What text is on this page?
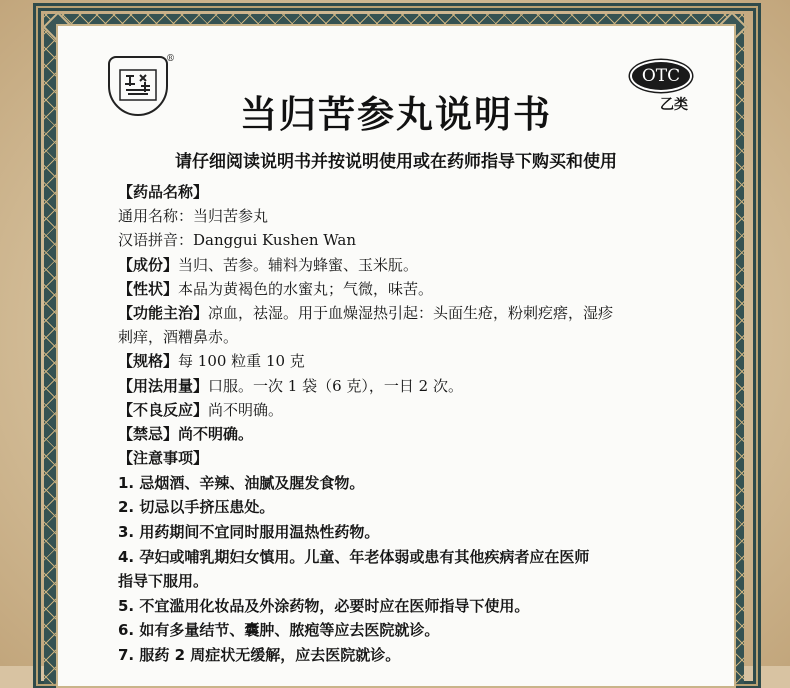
®
OTC
乙类
当归苦参丸说明书
请仔细阅读说明书并按说明使用或在药师指导下购买和使用
【药品名称】
通用名称：当归苦参丸
汉语拼音：Danggui Kushen Wan
【成份】当归、苦参。辅料为蜂蜜、玉米朊。
【性状】本品为黄褐色的水蜜丸；气微，味苦。
【功能主治】凉血，祛湿。用于血燥湿热引起：头面生疮，粉刺疙瘩，湿疹
刺痒，酒糟鼻赤。
【规格】每 100 粒重 10 克
【用法用量】口服。一次 1 袋（6 克），一日 2 次。
【不良反应】尚不明确。
【禁忌】尚不明确。
【注意事项】
1. 忌烟酒、辛辣、油腻及腥发食物。
2. 切忌以手挤压患处。
3. 用药期间不宜同时服用温热性药物。
4. 孕妇或哺乳期妇女慎用。儿童、年老体弱或患有其他疾病者应在医师
指导下服用。
5. 不宜滥用化妆品及外涂药物，必要时应在医师指导下使用。
6. 如有多量结节、囊肿、脓疱等应去医院就诊。
7. 服药 2 周症状无缓解，应去医院就诊。
